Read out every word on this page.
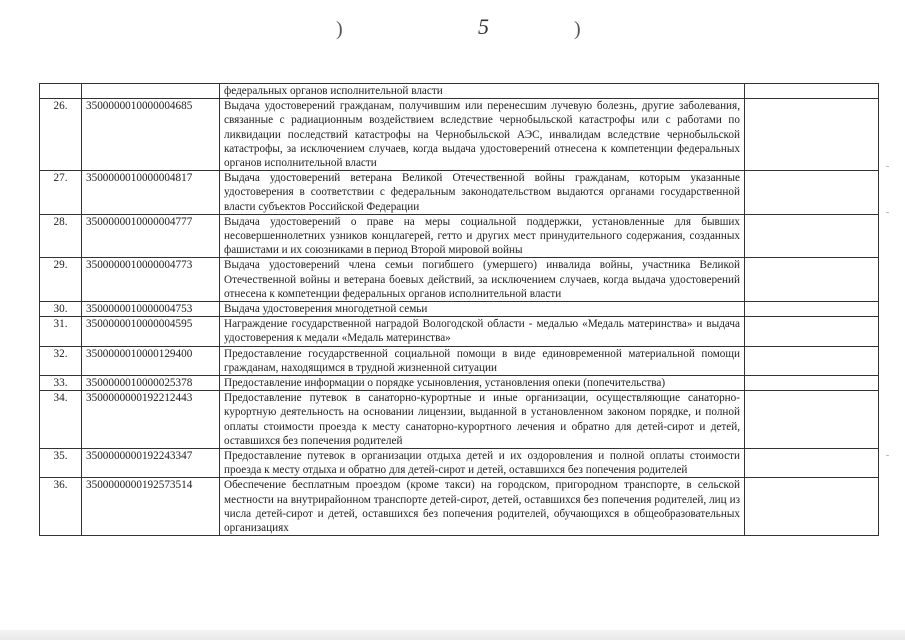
)	5	)
		федеральных органов исполнительной власти	
26.	3500000010000004685	Выдача удостоверений гражданам, получившим или перенесшим лучевую болезнь, другие заболевания, связанные с радиационным воздействием вследствие чернобыльской катастрофы или с работами по ликвидации последствий катастрофы на Чернобыльской АЭС, инвалидам вследствие чернобыльской катастрофы, за исключением случаев, когда выдача удостоверений отнесена к компетенции федеральных органов исполнительной власти	
27.	3500000010000004817	Выдача удостоверений ветерана Великой Отечественной войны гражданам, которым указанные удостоверения в соответствии с федеральным законодательством выдаются органами государственной власти субъектов Российской Федерации	
28.	3500000010000004777	Выдача удостоверений о праве на меры социальной поддержки, установленные для бывших несовершеннолетних узников концлагерей, гетто и других мест принудительного содержания, созданных фашистами и их союзниками в период Второй мировой войны	
29.	3500000010000004773	Выдача удостоверений члена семьи погибшего (умершего) инвалида войны, участника Великой Отечественной войны и ветерана боевых действий, за исключением случаев, когда выдача удостоверений отнесена к компетенции федеральных органов исполнительной власти	
30.	3500000010000004753	Выдача удостоверения многодетной семьи	
31.	3500000010000004595	Награждение государственной наградой Вологодской области - медалью «Медаль материнства» и выдача удостоверения к медали «Медаль материнства»	
32.	3500000010000129400	Предоставление государственной социальной помощи в виде единовременной материальной помощи гражданам, находящимся в трудной жизненной ситуации	
33.	3500000010000025378	Предоставление информации о порядке усыновления, установления опеки (попечительства)	
34.	3500000000192212443	Предоставление путевок в санаторно-курортные и иные организации, осуществляющие санаторно-курортную деятельность на основании лицензии, выданной в установленном законом порядке, и полной оплаты стоимости проезда к месту санаторно-курортного лечения и обратно для детей-сирот и детей, оставшихся без попечения родителей	
35.	3500000000192243347	Предоставление путевок в организации отдыха детей и их оздоровления и полной оплаты стоимости проезда к месту отдыха и обратно для детей-сирот и детей, оставшихся без попечения родителей	
36.	3500000000192573514	Обеспечение бесплатным проездом (кроме такси) на городском, пригородном транспорте, в сельской местности на внутрирайонном транспорте детей-сирот, детей, оставшихся без попечения родителей, лиц из числа детей-сирот и детей, оставшихся без попечения родителей, обучающихся в общеобразовательных организациях	
